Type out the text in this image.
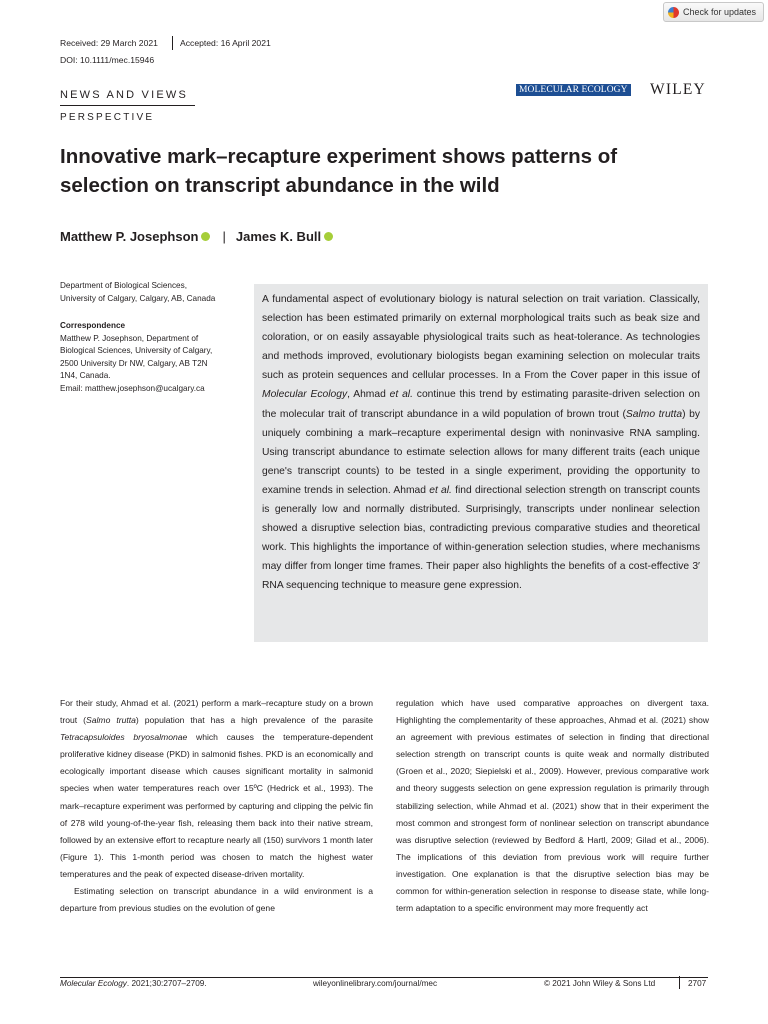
Check for updates
Received: 29 March 2021	Accepted: 16 April 2021
DOI: 10.1111/mec.15946
NEWS AND VIEWS
PERSPECTIVE
MOLECULAR ECOLOGY WILEY
Innovative mark–recapture experiment shows patterns of
selection on transcript abundance in the wild
Matthew P. Josephson | James K. Bull
Department of Biological Sciences,
University of Calgary, Calgary, AB, Canada
Correspondence
Matthew P. Josephson, Department of
Biological Sciences, University of Calgary,
2500 University Dr NW, Calgary, AB T2N
1N4, Canada.
Email: matthew.josephson@ucalgary.ca

A fundamental aspect of evolutionary biology is natural selection on trait variation. Classically, selection has been estimated primarily on external morphological traits such as beak size and coloration, or on easily assayable physiological traits such as heat-tolerance. As technologies and methods improved, evolutionary biologists began examining selection on molecular traits such as protein sequences and cellular processes. In a From the Cover paper in this issue of Molecular Ecology, Ahmad et al. continue this trend by estimating parasite-driven selection on the molecular trait of transcript abundance in a wild population of brown trout (Salmo trutta) by uniquely combining a mark–recapture experimental design with noninvasive RNA sampling. Using transcript abundance to estimate selection allows for many different traits (each unique gene's transcript counts) to be tested in a single experiment, providing the opportunity to examine trends in selection. Ahmad et al. find directional selection strength on transcript counts is generally low and normally distributed. Surprisingly, transcripts under nonlinear selection showed a disruptive selection bias, contradicting previous comparative studies and theoretical work. This highlights the importance of within-generation selection studies, where mechanisms may differ from longer time frames. Their paper also highlights the benefits of a cost-effective 3′ RNA sequencing technique to measure gene expression.

For their study, Ahmad et al. (2021) perform a mark–recapture study on a brown trout (Salmo trutta) population that has a high prevalence of the parasite Tetracapsuloides bryosalmonae which causes the temperature-dependent proliferative kidney disease (PKD) in salmonid fishes. PKD is an economically and ecologically important disease which causes significant mortality in salmonid species when water temperatures reach over 15ºC (Hedrick et al., 1993). The mark–recapture experiment was performed by capturing and clipping the pelvic fin of 278 wild young-of-the-year fish, releasing them back into their native stream, followed by an extensive effort to recapture nearly all (150) survivors 1 month later (Figure 1). This 1-month period was chosen to match the highest water temperatures and the peak of expected disease-driven mortality.

Estimating selection on transcript abundance in a wild environment is a departure from previous studies on the evolution of gene

regulation which have used comparative approaches on divergent taxa. Highlighting the complementarity of these approaches, Ahmad et al. (2021) show an agreement with previous estimates of selection in finding that directional selection strength on transcript counts is quite weak and normally distributed (Groen et al., 2020; Siepielski et al., 2009). However, previous comparative work and theory suggests selection on gene expression regulation is primarily through stabilizing selection, while Ahmad et al. (2021) show that in their experiment the most common and strongest form of nonlinear selection on transcript abundance was disruptive selection (reviewed by Bedford & Hartl, 2009; Gilad et al., 2006). The implications of this deviation from previous work will require further investigation. One explanation is that the disruptive selection bias may be common for within-generation selection in response to disease state, while long-term adaptation to a specific environment may more frequently act

Molecular Ecology. 2021;30:2707–2709.	wileyonlinelibrary.com/journal/mec	© 2021 John Wiley & Sons Ltd	2707
